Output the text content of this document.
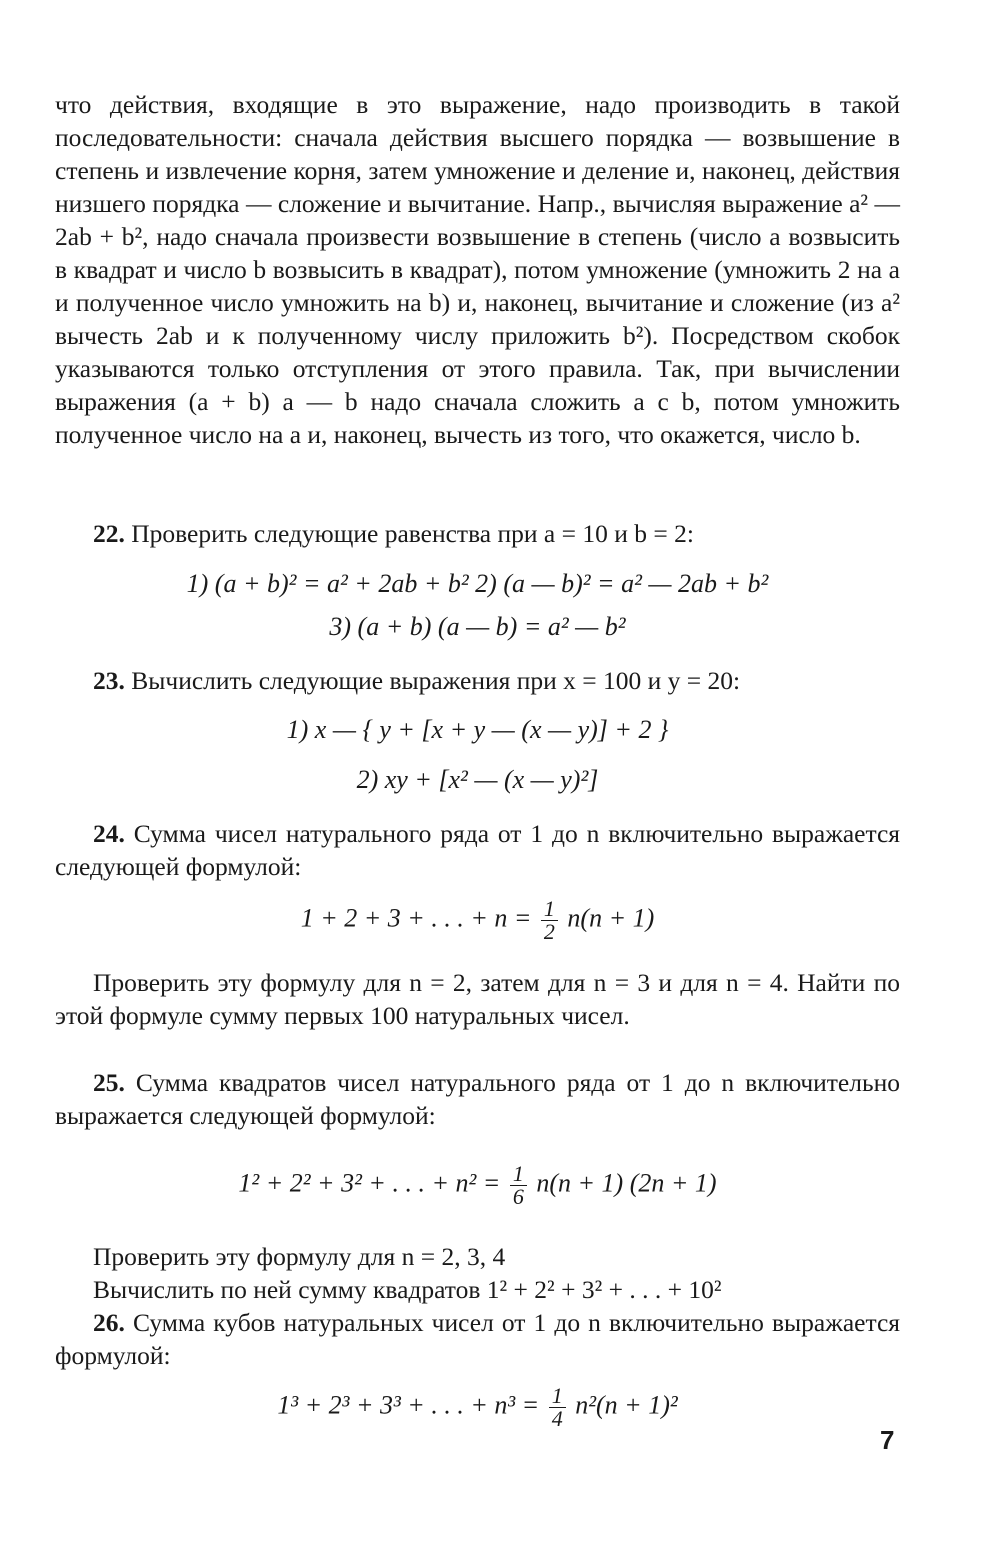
что действия, входящие в это выражение, надо производить в такой последовательности: сначала действия высшего порядка — возвышение в степень и извлечение корня, затем умножение и деление и, наконец, действия низшего порядка — сложение и вычитание. Напр., вычисляя выражение a² — 2ab + b², надо сначала произвести возвышение в степень (число a возвысить в квадрат и число b возвысить в квадрат), потом умножение (умножить 2 на a и полученное число умножить на b) и, наконец, вычитание и сложение (из a² вычесть 2ab и к полученному числу приложить b²). Посредством скобок указываются только отступления от этого правила. Так, при вычислении выражения (a + b) a — b надо сначала сложить a с b, потом умножить полученное число на a и, наконец, вычесть из того, что окажется, число b.

22. Проверить следующие равенства при a = 10 и b = 2:

1) (a + b)² = a² + 2ab + b² 2) (a — b)² = a² — 2ab + b²
3) (a + b) (a — b) = a² — b²

23. Вычислить следующие выражения при x = 100 и y = 20:

1) x — { y + [x + y — (x — y)] + 2 }
2) xy + [x² — (x — y)²]

24. Сумма чисел натурального ряда от 1 до n включительно выражается следующей формулой:

1 + 2 + 3 + . . . + $n = \frac{1}{2} n(n + 1)$

Проверить эту формулу для n = 2, затем для n = 3 и для n = 4. Найти по этой формуле сумму первых 100 натуральных чисел.

25. Сумма квадратов чисел натурального ряда от 1 до n включительно выражается следующей формулой:

1² + 2² + 3² + . . . + $n^2 = \frac{1}{6} n(n + 1) (2n + 1)$

Проверить эту формулу для n = 2, 3, 4

Вычислить по ней сумму квадратов 1² + 2² + 3² + . . . + 10²

26. Сумма кубов натуральных чисел от 1 до n включительно выражается формулой:

1³ + 2³ + 3³ + . . . + $n^3 = \frac{1}{4} n^2(n + 1)^2$
7
